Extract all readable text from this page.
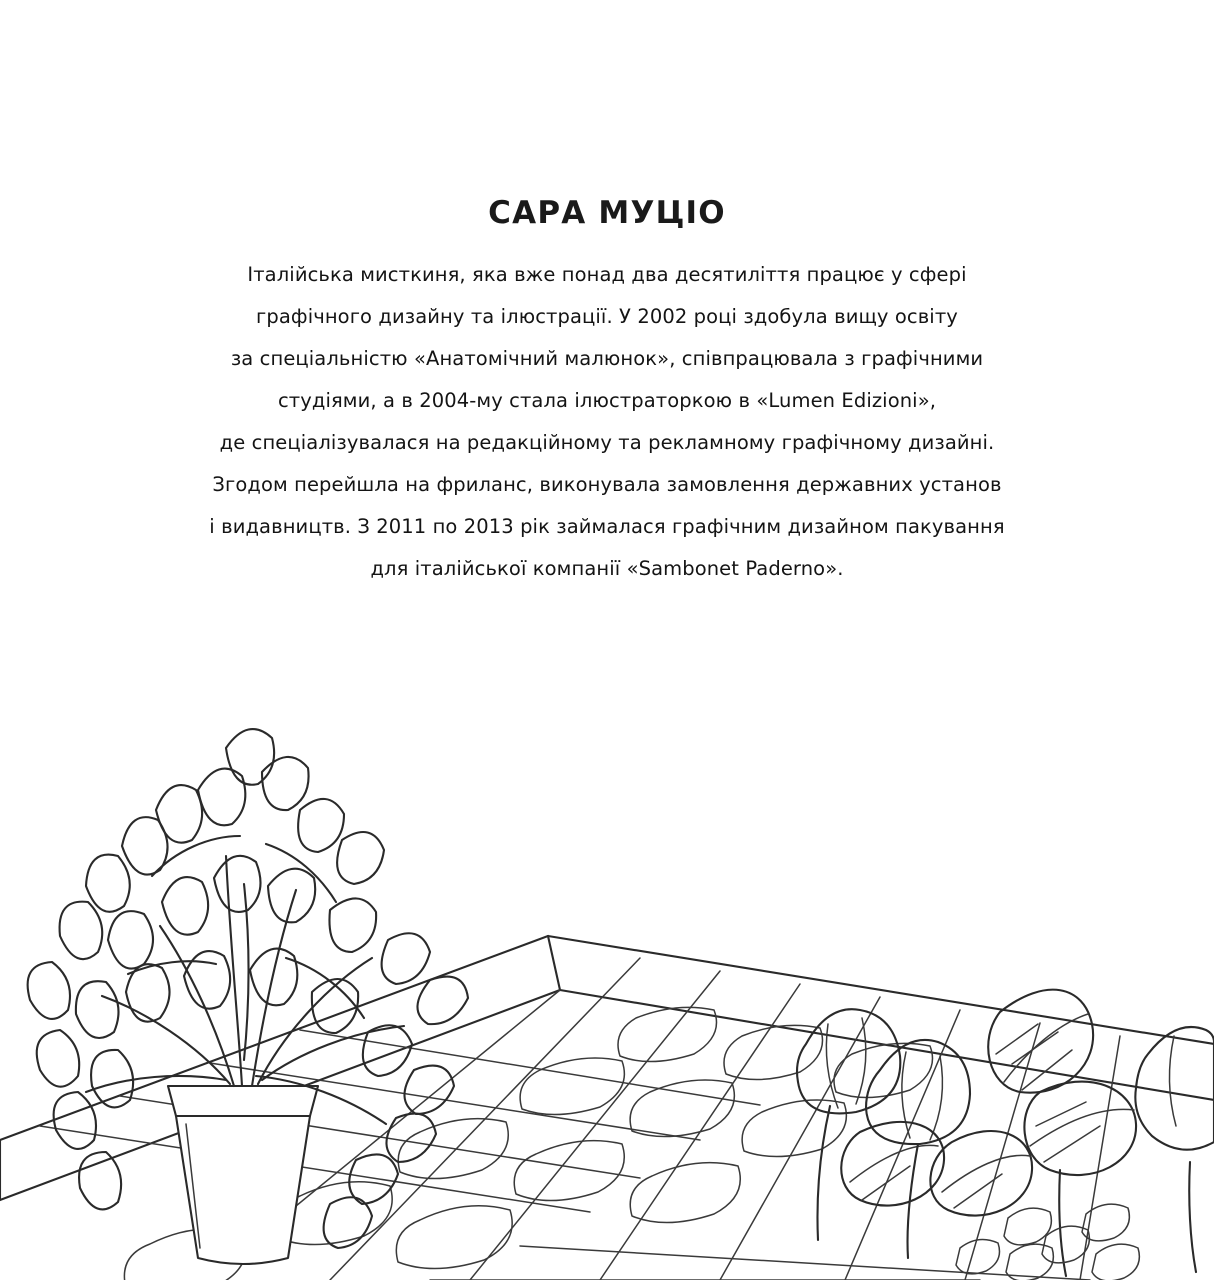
САРА МУЦІО
Італійська мисткиня, яка вже понад два десятиліття працює у сфері
графічного дизайну та ілюстрації. У 2002 році здобула вищу освіту
за спеціальністю «Анатомічний малюнок», співпрацювала з графічними
студіями, а в 2004-му стала ілюстраторкою в «Lumen Edizioni»,
де спеціалізувалася на редакційному та рекламному графічному дизайні.
Згодом перейшла на фриланс, виконувала замовлення державних установ
і видавництв. З 2011 по 2013 рік займалася графічним дизайном пакування
для італійської компанії «Sambonet Paderno».
